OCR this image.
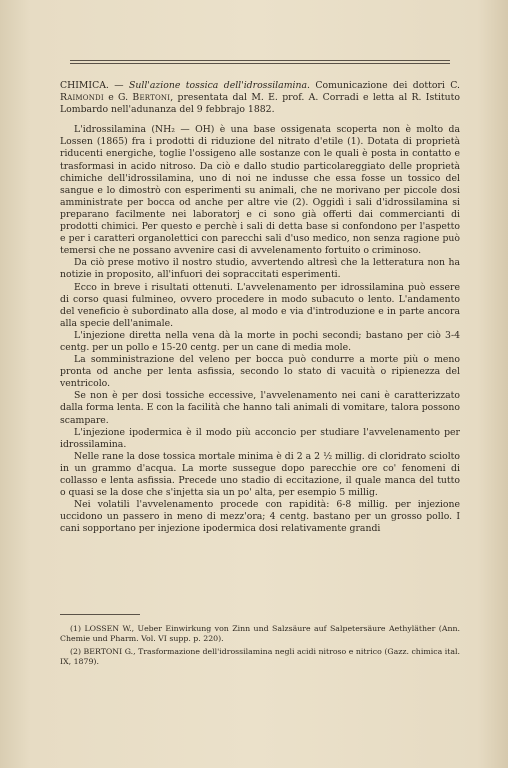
CHIMICA. — Sull'azione tossica dell'idrossilamina. Comunicazione dei dottori C. Raimondi e G. Bertoni, presentata dal M. E. prof. A. Corradi e letta al R. Istituto Lombardo nell'adunanza del 9 febbrajo 1882.

L'idrossilamina (NH₂ — OH) è una base ossigenata scoperta non è molto da Lossen (1865) fra i prodotti di riduzione del nitrato d'etile (1). Dotata di proprietà riducenti energiche, toglie l'ossigeno alle sostanze con le quali è posta in contatto e trasformasi in acido nitroso. Da ciò e dallo studio particolareggiato delle proprietà chimiche dell'idrossilamina, uno di noi ne indusse che essa fosse un tossico del sangue e lo dimostrò con esperimenti su animali, che ne morivano per piccole dosi amministrate per bocca od anche per altre vie (2). Oggidì i sali d'idrossilamina si preparano facilmente nei laboratorj e ci sono già offerti dai commercianti di prodotti chimici. Per questo e perchè i sali di detta base si confondono per l'aspetto e per i caratteri organolettici con parecchi sali d'uso medico, non senza ragione può temersi che ne possano avvenire casi di avvelenamento fortuito o criminoso.

Da ciò prese motivo il nostro studio, avvertendo altresì che la letteratura non ha notizie in proposito, all'infuori dei sopraccitati esperimenti.

Ecco in breve i risultati ottenuti. L'avvelenamento per idrossilamina può essere di corso quasi fulmineo, ovvero procedere in modo subacuto o lento. L'andamento del veneficio è subordinato alla dose, al modo e via d'introduzione e in parte ancora alla specie dell'animale.

L'injezione diretta nella vena dà la morte in pochi secondi; bastano per ciò 3-4 centg. per un pollo e 15-20 centg. per un cane di media mole.

La somministrazione del veleno per bocca può condurre a morte più o meno pronta od anche per lenta asfissia, secondo lo stato di vacuità o ripienezza del ventricolo.

Se non è per dosi tossiche eccessive, l'avvelenamento nei cani è caratterizzato dalla forma lenta. E con la facilità che hanno tali animali di vomitare, talora possono scampare.

L'injezione ipodermica è il modo più acconcio per studiare l'avvelenamento per idrossilamina.

Nelle rane la dose tossica mortale minima è di 2 a 2 ½ millig. di cloridrato sciolto in un grammo d'acqua. La morte sussegue dopo parecchie ore co' fenomeni di collasso e lenta asfissia. Precede uno stadio di eccitazione, il quale manca del tutto o quasi se la dose che s'injetta sia un po' alta, per esempio 5 millig.

Nei volatili l'avvelenamento procede con rapidità: 6-8 millig. per injezione uccidono un passero in meno di mezz'ora; 4 centg. bastano per un grosso pollo. I cani sopportano per injezione ipodermica dosi relativamente grandi

(1) LOSSEN W., Ueber Einwirkung von Zinn und Salzsäure auf Salpetersäure Aethyläther (Ann. Chemie und Pharm. Vol. VI supp. p. 220).

(2) BERTONI G., Trasformazione dell'idrossilamina negli acidi nitroso e nitrico (Gazz. chimica ital. IX, 1879).
